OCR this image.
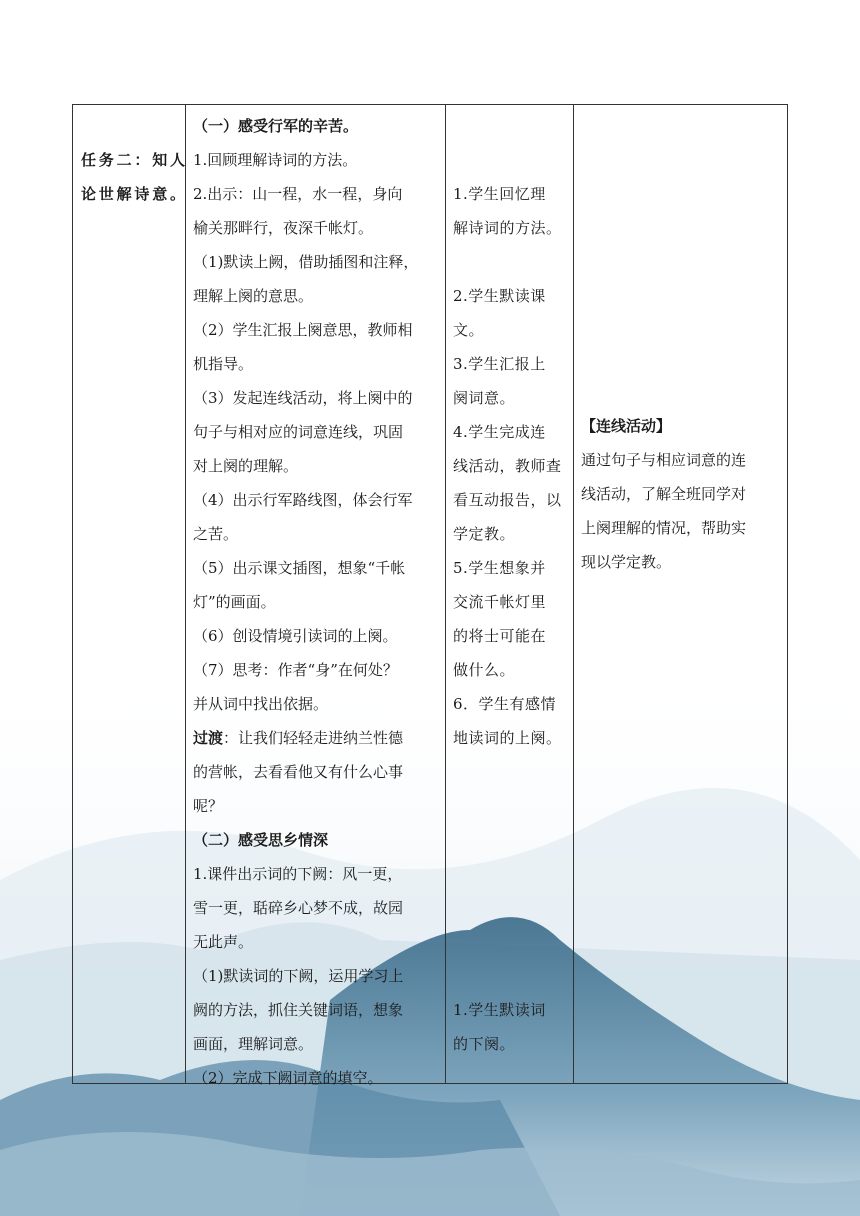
任务二：知人
论世解诗意。
（一）感受行军的辛苦。
1.回顾理解诗词的方法。
2.出示：山一程，水一程，身向
榆关那畔行，夜深千帐灯。
（1)默读上阙，借助插图和注释，
理解上阕的意思。
（2）学生汇报上阕意思，教师相
机指导。
（3）发起连线活动，将上阕中的
句子与相对应的词意连线，巩固
对上阕的理解。
（4）出示行军路线图，体会行军
之苦。
（5）出示课文插图，想象“千帐
灯”的画面。
（6）创设情境引读词的上阕。
（7）思考：作者“身”在何处？
并从词中找出依据。
过渡：让我们轻轻走进纳兰性德
的营帐，去看看他又有什么心事
呢？
（二）感受思乡情深
1.课件出示词的下阙：风一更，
雪一更，聒碎乡心梦不成，故园
无此声。
（1)默读词的下阙，运用学习上
阙的方法，抓住关键词语，想象
画面，理解词意。
（2）完成下阙词意的填空。
1.学生回忆理
解诗词的方法。
2.学生默读课
文。
3.学生汇报上
阕词意。
4.学生完成连
线活动，教师查
看互动报告，以
学定教。
5.学生想象并
交流千帐灯里
的将士可能在
做什么。
6．学生有感情
地读词的上阕。
1.学生默读词
的下阕。
【连线活动】
通过句子与相应词意的连
线活动，了解全班同学对
上阕理解的情况，帮助实
现以学定教。
